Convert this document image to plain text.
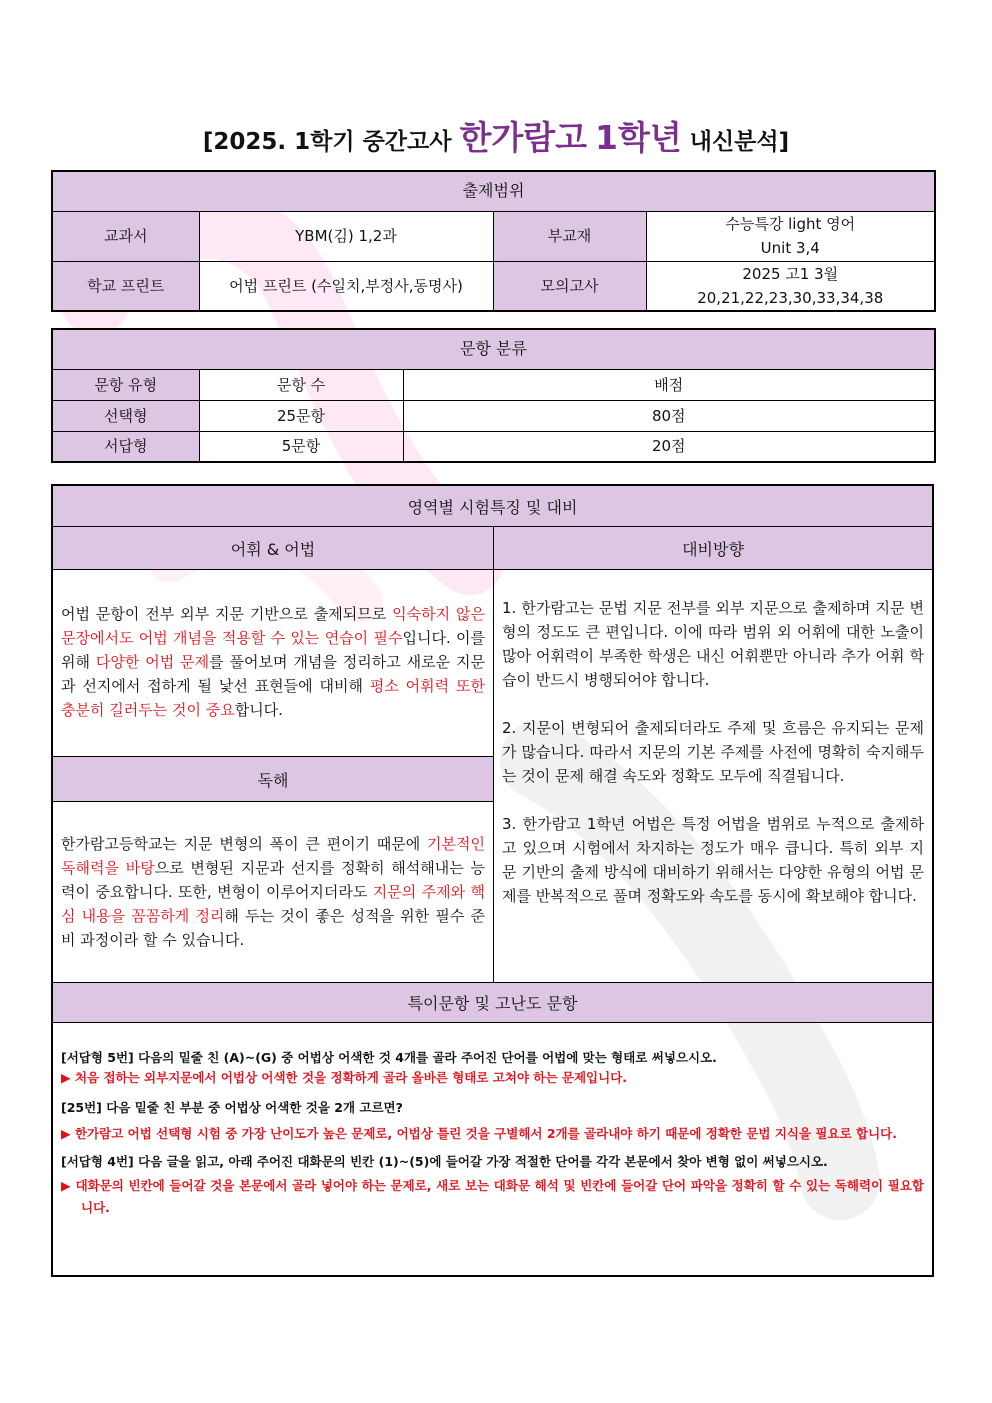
[2025. 1학기 중간고사 한가람고 1학년 내신분석]
출제범위			
교과서	YBM(김) 1,2과	부교재	수능특강 light 영어
Unit 3,4

학교 프린트	어법 프린트 (수일치,부정사,동명사)	모의고사	2025 고1 3월
20,21,22,23,30,33,34,38
문항 분류		
문항 유형	문항 수	배점
선택형	25문항	80점
서답형	5문항	20점
영역별 시험특징 및 대비
어휘 & 어법	대비방향
어법 문항이 전부 외부 지문 기반으로 출제되므로 익숙하지 않은 문장에서도 어법 개념을 적용할 수 있는 연습이 필수입니다. 이를 위해 다양한 어법 문제를 풀어보며 개념을 정리하고 새로운 지문과 선지에서 접하게 될 낯선 표현들에 대비해 평소 어휘력 또한 충분히 길러두는 것이 중요합니다.
독해
한가람고등학교는 지문 변형의 폭이 큰 편이기 때문에 기본적인 독해력을 바탕으로 변형된 지문과 선지를 정확히 해석해내는 능력이 중요합니다. 또한, 변형이 이루어지더라도 지문의 주제와 핵심 내용을 꼼꼼하게 정리해 두는 것이 좋은 성적을 위한 필수 준비 과정이라 할 수 있습니다.

1. 한가람고는 문법 지문 전부를 외부 지문으로 출제하며 지문 변형의 정도도 큰 편입니다. 이에 따라 범위 외 어휘에 대한 노출이 많아 어휘력이 부족한 학생은 내신 어휘뿐만 아니라 추가 어휘 학습이 반드시 병행되어야 합니다.

2. 지문이 변형되어 출제되더라도 주제 및 흐름은 유지되는 문제가 많습니다. 따라서 지문의 기본 주제를 사전에 명확히 숙지해두는 것이 문제 해결 속도와 정확도 모두에 직결됩니다.

3. 한가람고 1학년 어법은 특정 어법을 범위로 누적으로 출제하고 있으며 시험에서 차지하는 정도가 매우 큽니다. 특히 외부 지문 기반의 출제 방식에 대비하기 위해서는 다양한 유형의 어법 문제를 반복적으로 풀며 정확도와 속도를 동시에 확보해야 합니다.

특이문항 및 고난도 문항

[서답형 5번] 다음의 밑줄 친 (A)~(G) 중 어법상 어색한 것 4개를 골라 주어진 단어를 어법에 맞는 형태로 써넣으시오.

▶ 처음 접하는 외부지문에서 어법상 어색한 것을 정확하게 골라 올바른 형태로 고쳐야 하는 문제입니다.

[25번] 다음 밑줄 친 부분 중 어법상 어색한 것을 2개 고르면?

▶ 한가람고 어법 선택형 시험 중 가장 난이도가 높은 문제로, 어법상 틀린 것을 구별해서 2개를 골라내야 하기 때문에 정확한 문법 지식을 필요로 합니다.

[서답형 4번] 다음 글을 읽고, 아래 주어진 대화문의 빈칸 (1)~(5)에 들어갈 가장 적절한 단어를 각각 본문에서 찾아 변형 없이 써넣으시오.

▶ 대화문의 빈칸에 들어갈 것을 본문에서 골라 넣어야 하는 문제로, 새로 보는 대화문 해석 및 빈칸에 들어갈 단어 파악을 정확히 할 수 있는 독해력이 필요합니다.
